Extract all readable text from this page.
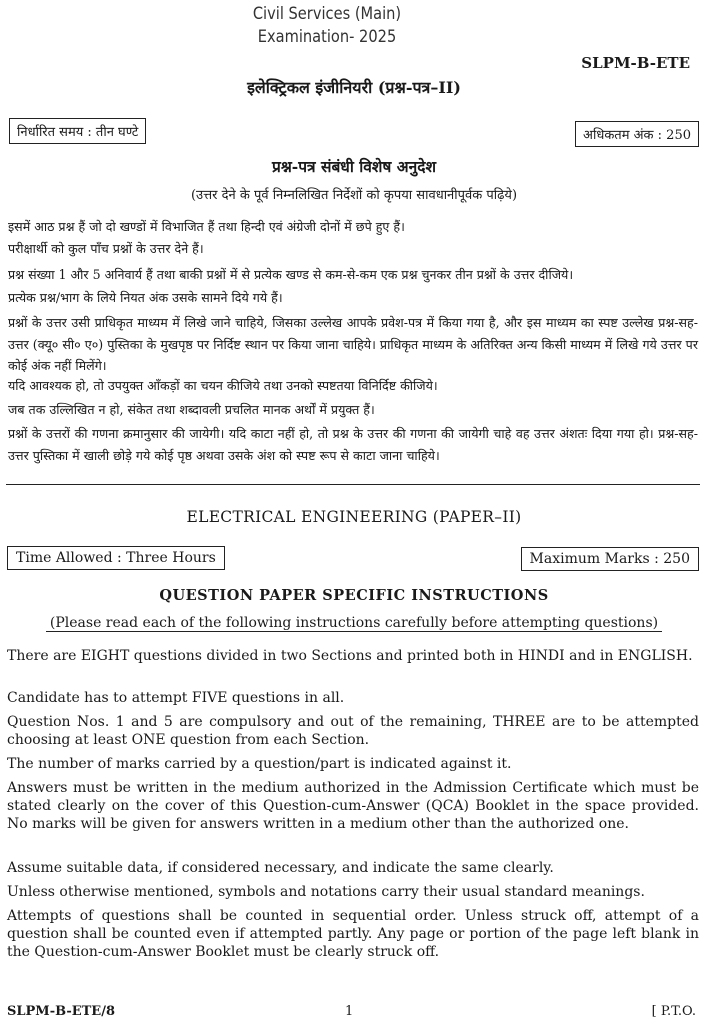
Civil Services (Main)
Examination- 2025
SLPM-B-ETE
इलेक्ट्रिकल इंजीनियरी (प्रश्न-पत्र–II)
निर्धारित समय : तीन घण्टे	अधिकतम अंक : 250
प्रश्न-पत्र संबंधी विशेष अनुदेश
(उत्तर देने के पूर्व निम्नलिखित निर्देशों को कृपया सावधानीपूर्वक पढ़िये)
इसमें आठ प्रश्न हैं जो दो खण्डों में विभाजित हैं तथा हिन्दी एवं अंग्रेजी दोनों में छपे हुए हैं।
परीक्षार्थी को कुल पाँच प्रश्नों के उत्तर देने हैं।
प्रश्न संख्या 1 और 5 अनिवार्य हैं तथा बाकी प्रश्नों में से प्रत्येक खण्ड से कम-से-कम एक प्रश्न चुनकर तीन प्रश्नों के उत्तर दीजिये।
प्रत्येक प्रश्न/भाग के लिये नियत अंक उसके सामने दिये गये हैं।
प्रश्नों के उत्तर उसी प्राधिकृत माध्यम में लिखे जाने चाहिये, जिसका उल्लेख आपके प्रवेश-पत्र में किया गया है, और इस माध्यम का स्पष्ट उल्लेख प्रश्न-सह-उत्तर (क्यू० सी० ए०) पुस्तिका के मुखपृष्ठ पर निर्दिष्ट स्थान पर किया जाना चाहिये। प्राधिकृत माध्यम के अतिरिक्त अन्य किसी माध्यम में लिखे गये उत्तर पर कोई अंक नहीं मिलेंगे।
यदि आवश्यक हो, तो उपयुक्त आँकड़ों का चयन कीजिये तथा उनको स्पष्टतया विनिर्दिष्ट कीजिये।
जब तक उल्लिखित न हो, संकेत तथा शब्दावली प्रचलित मानक अर्थों में प्रयुक्त हैं।
प्रश्नों के उत्तरों की गणना क्रमानुसार की जायेगी। यदि काटा नहीं हो, तो प्रश्न के उत्तर की गणना की जायेगी चाहे वह उत्तर अंशतः दिया गया हो। प्रश्न-सह-उत्तर पुस्तिका में खाली छोड़े गये कोई पृष्ठ अथवा उसके अंश को स्पष्ट रूप से काटा जाना चाहिये।
ELECTRICAL ENGINEERING (PAPER–II)
Time Allowed : Three Hours	Maximum Marks : 250
QUESTION PAPER SPECIFIC INSTRUCTIONS
(Please read each of the following instructions carefully before attempting questions)
There are EIGHT questions divided in two Sections and printed both in HINDI and in ENGLISH.
Candidate has to attempt FIVE questions in all.
Question Nos. 1 and 5 are compulsory and out of the remaining, THREE are to be attempted choosing at least ONE question from each Section.
The number of marks carried by a question/part is indicated against it.
Answers must be written in the medium authorized in the Admission Certificate which must be stated clearly on the cover of this Question-cum-Answer (QCA) Booklet in the space provided. No marks will be given for answers written in a medium other than the authorized one.
Assume suitable data, if considered necessary, and indicate the same clearly.
Unless otherwise mentioned, symbols and notations carry their usual standard meanings.
Attempts of questions shall be counted in sequential order. Unless struck off, attempt of a question shall be counted even if attempted partly. Any page or portion of the page left blank in the Question-cum-Answer Booklet must be clearly struck off.
SLPM-B-ETE/8	1	[ P.T.O.
